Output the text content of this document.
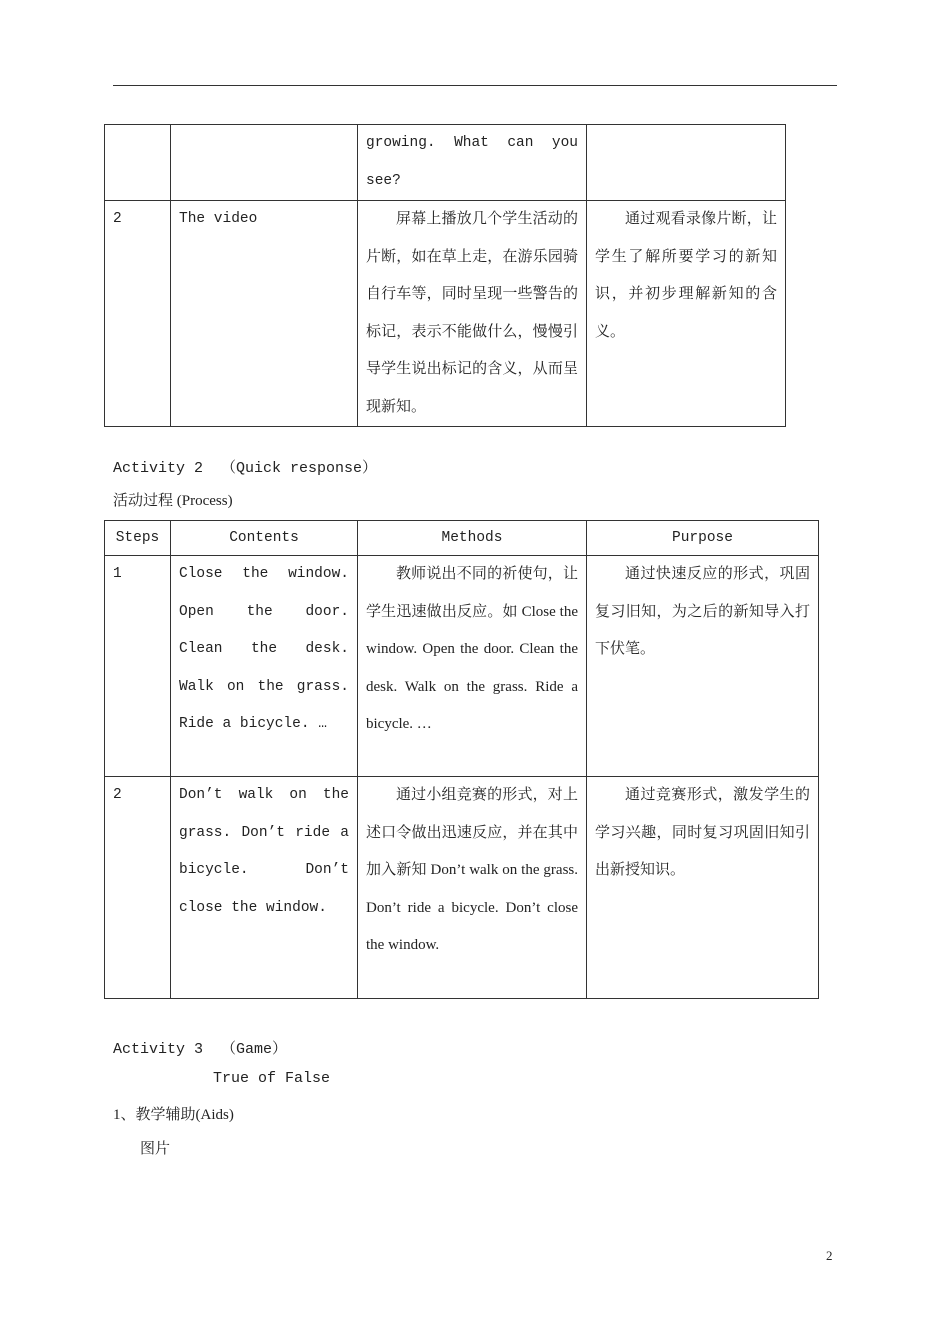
		growing. What can you see?	
2	The video	屏幕上播放几个学生活动的片断，如在草上走，在游乐园骑自行车等，同时呈现一些警告的标记，表示不能做什么，慢慢引导学生说出标记的含义，从而呈现新知。	通过观看录像片断，让学生了解所要学习的新知识，并初步理解新知的含义。
Activity 2  （Quick response）
活动过程 (Process)
Steps	Contents	Methods	Purpose
1	Close the window. Open the door. Clean the desk. Walk on the grass. Ride a bicycle. …	教师说出不同的祈使句，让学生迅速做出反应。如 Close the window. Open the door. Clean the desk. Walk on the grass. Ride a bicycle. …	通过快速反应的形式，巩固复习旧知，为之后的新知导入打下伏笔。
2	Don’t walk on the grass. Don’t ride a bicycle. Don’t close the window.	通过小组竞赛的形式，对上述口令做出迅速反应，并在其中加入新知 Don’t walk on the grass. Don’t ride a bicycle. Don’t close the window.	通过竞赛形式，激发学生的学习兴趣，同时复习巩固旧知引出新授知识。
Activity 3  （Game）
True of False
1、教学辅助(Aids)
图片
2
